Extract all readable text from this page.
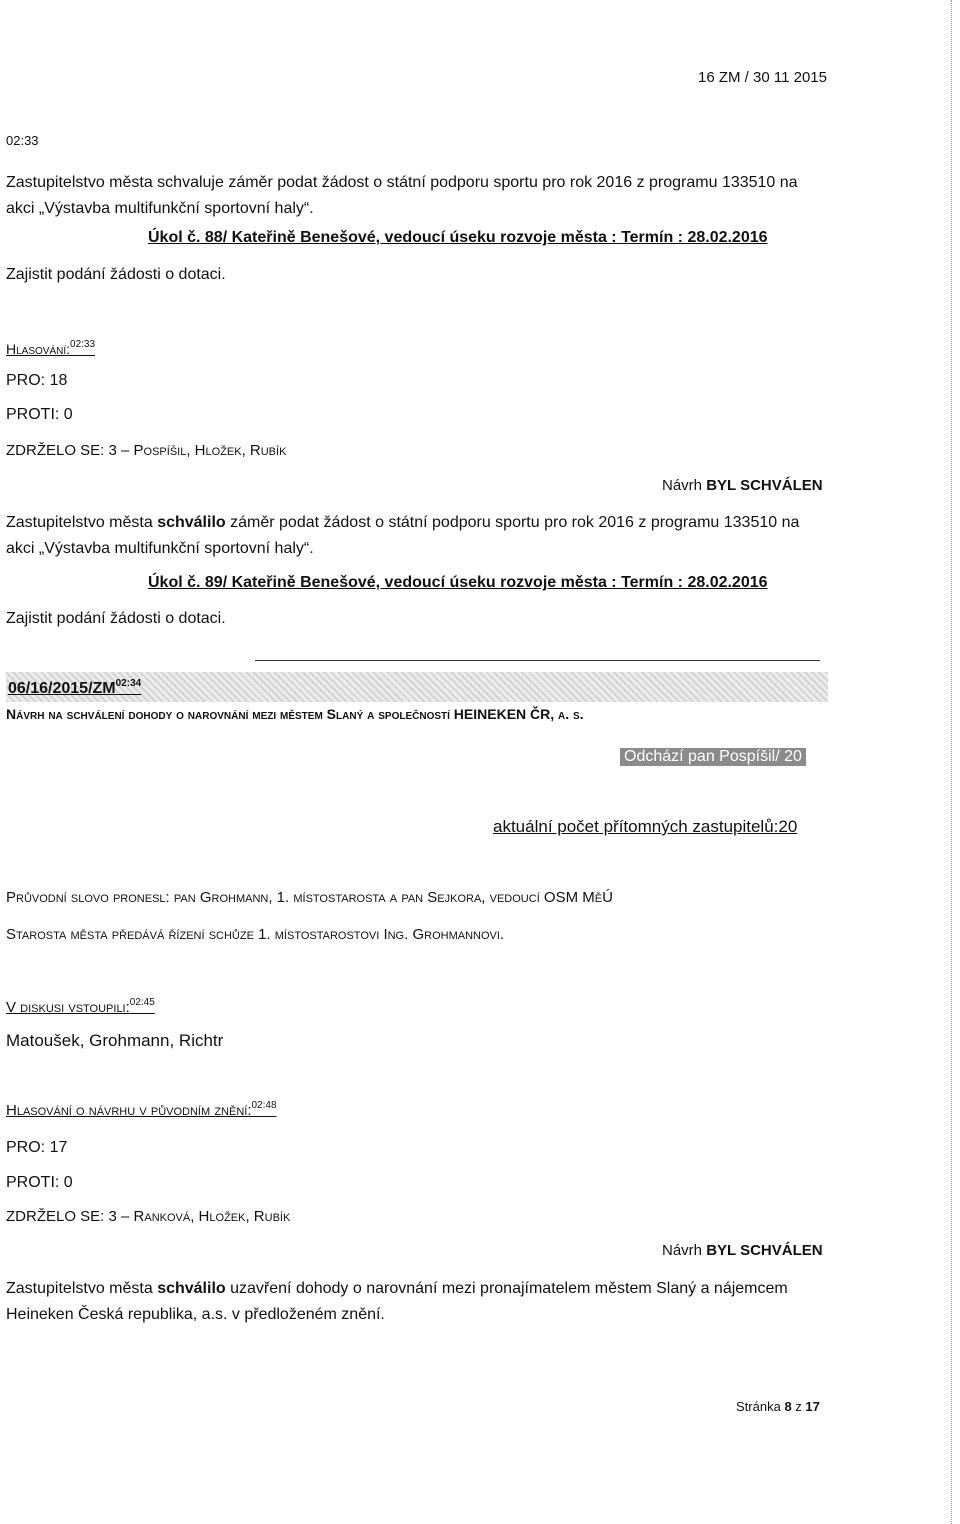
16 ZM / 30 11 2015
02:33
Zastupitelstvo města schvaluje záměr podat žádost o státní podporu sportu pro rok 2016 z programu 133510 na akci „Výstavba multifunkční sportovní haly“.
Úkol č. 88/ Kateřině Benešové, vedoucí úseku rozvoje města : Termín : 28.02.2016
Zajistit podání žádosti o dotaci.
Hlasování:$^{02:33}$
PRO: 18
PROTI: 0
ZDRŽELO SE: 3 – Pospíšil, Hložek, Rubík
Návrh BYL SCHVÁLEN
Zastupitelstvo města schválilo záměr podat žádost o státní podporu sportu pro rok 2016 z programu 133510 na akci „Výstavba multifunkční sportovní haly“.
Úkol č. 89/ Kateřině Benešové, vedoucí úseku rozvoje města : Termín : 28.02.2016
Zajistit podání žádosti o dotaci.
$06/16/2015/ZM^{02:34}$
Návrh na schválení dohody o narovnání mezi městem Slaný a společností HEINEKEN ČR, a. s.
Odchází pan Pospíšil/ 20
aktuální počet přítomných zastupitelů:20
Průvodní slovo pronesl: pan Grohmann, 1. místostarosta a pan Sejkora, vedoucí OSM MěÚ
Starosta města předává řízení schůze 1. místostarostovi Ing. Grohmannovi.
V diskusi vstoupili:$^{02:45}$
Matoušek, Grohmann, Richtr
Hlasování o návrhu v původním znění:$^{02:48}$
PRO: 17
PROTI: 0
ZDRŽELO SE: 3 – Ranková, Hložek, Rubík
Návrh BYL SCHVÁLEN
Zastupitelstvo města schválilo uzavření dohody o narovnání mezi pronajímatelem městem Slaný a nájemcem Heineken Česká republika, a.s. v předloženém znění.
Stránka 8 z 17
